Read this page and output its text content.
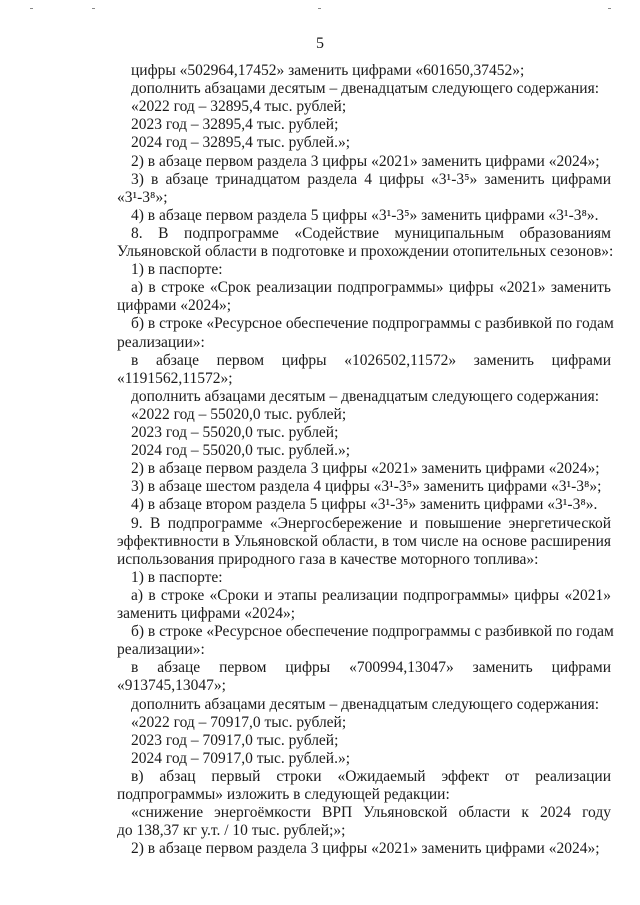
5
цифры «502964,17452» заменить цифрами «601650,37452»;
дополнить абзацами десятым – двенадцатым следующего содержания:
«2022 год – 32895,4 тыс. рублей;
2023 год – 32895,4 тыс. рублей;
2024 год – 32895,4 тыс. рублей.»;
2) в абзаце первом раздела 3 цифры «2021» заменить цифрами «2024»;
3) в абзаце тринадцатом раздела 4 цифры «3¹-3⁵» заменить цифрами
«3¹-3⁸»;
4) в абзаце первом раздела 5 цифры «3¹-3⁵» заменить цифрами «3¹-3⁸».
8. В подпрограмме «Содействие муниципальным образованиям
Ульяновской области в подготовке и прохождении отопительных сезонов»:
1) в паспорте:
а) в строке «Срок реализации подпрограммы» цифры «2021» заменить
цифрами «2024»;
б) в строке «Ресурсное обеспечение подпрограммы с разбивкой по годам
реализации»:
в абзаце первом цифры «1026502,11572» заменить цифрами
«1191562,11572»;
дополнить абзацами десятым – двенадцатым следующего содержания:
«2022 год – 55020,0 тыс. рублей;
2023 год – 55020,0 тыс. рублей;
2024 год – 55020,0 тыс. рублей.»;
2) в абзаце первом раздела 3 цифры «2021» заменить цифрами «2024»;
3) в абзаце шестом раздела 4 цифры «3¹-3⁵» заменить цифрами «3¹-3⁸»;
4) в абзаце втором раздела 5 цифры «3¹-3⁵» заменить цифрами «3¹-3⁸».
9. В подпрограмме «Энергосбережение и повышение энергетической
эффективности в Ульяновской области, в том числе на основе расширения
использования природного газа в качестве моторного топлива»:
1) в паспорте:
а) в строке «Сроки и этапы реализации подпрограммы» цифры «2021»
заменить цифрами «2024»;
б) в строке «Ресурсное обеспечение подпрограммы с разбивкой по годам
реализации»:
в абзаце первом цифры «700994,13047» заменить цифрами
«913745,13047»;
дополнить абзацами десятым – двенадцатым следующего содержания:
«2022 год – 70917,0 тыс. рублей;
2023 год – 70917,0 тыс. рублей;
2024 год – 70917,0 тыс. рублей.»;
в) абзац первый строки «Ожидаемый эффект от реализации
подпрограммы» изложить в следующей редакции:
«снижение энергоёмкости ВРП Ульяновской области к 2024 году
до 138,37 кг у.т. / 10 тыс. рублей;»;
2) в абзаце первом раздела 3 цифры «2021» заменить цифрами «2024»;
